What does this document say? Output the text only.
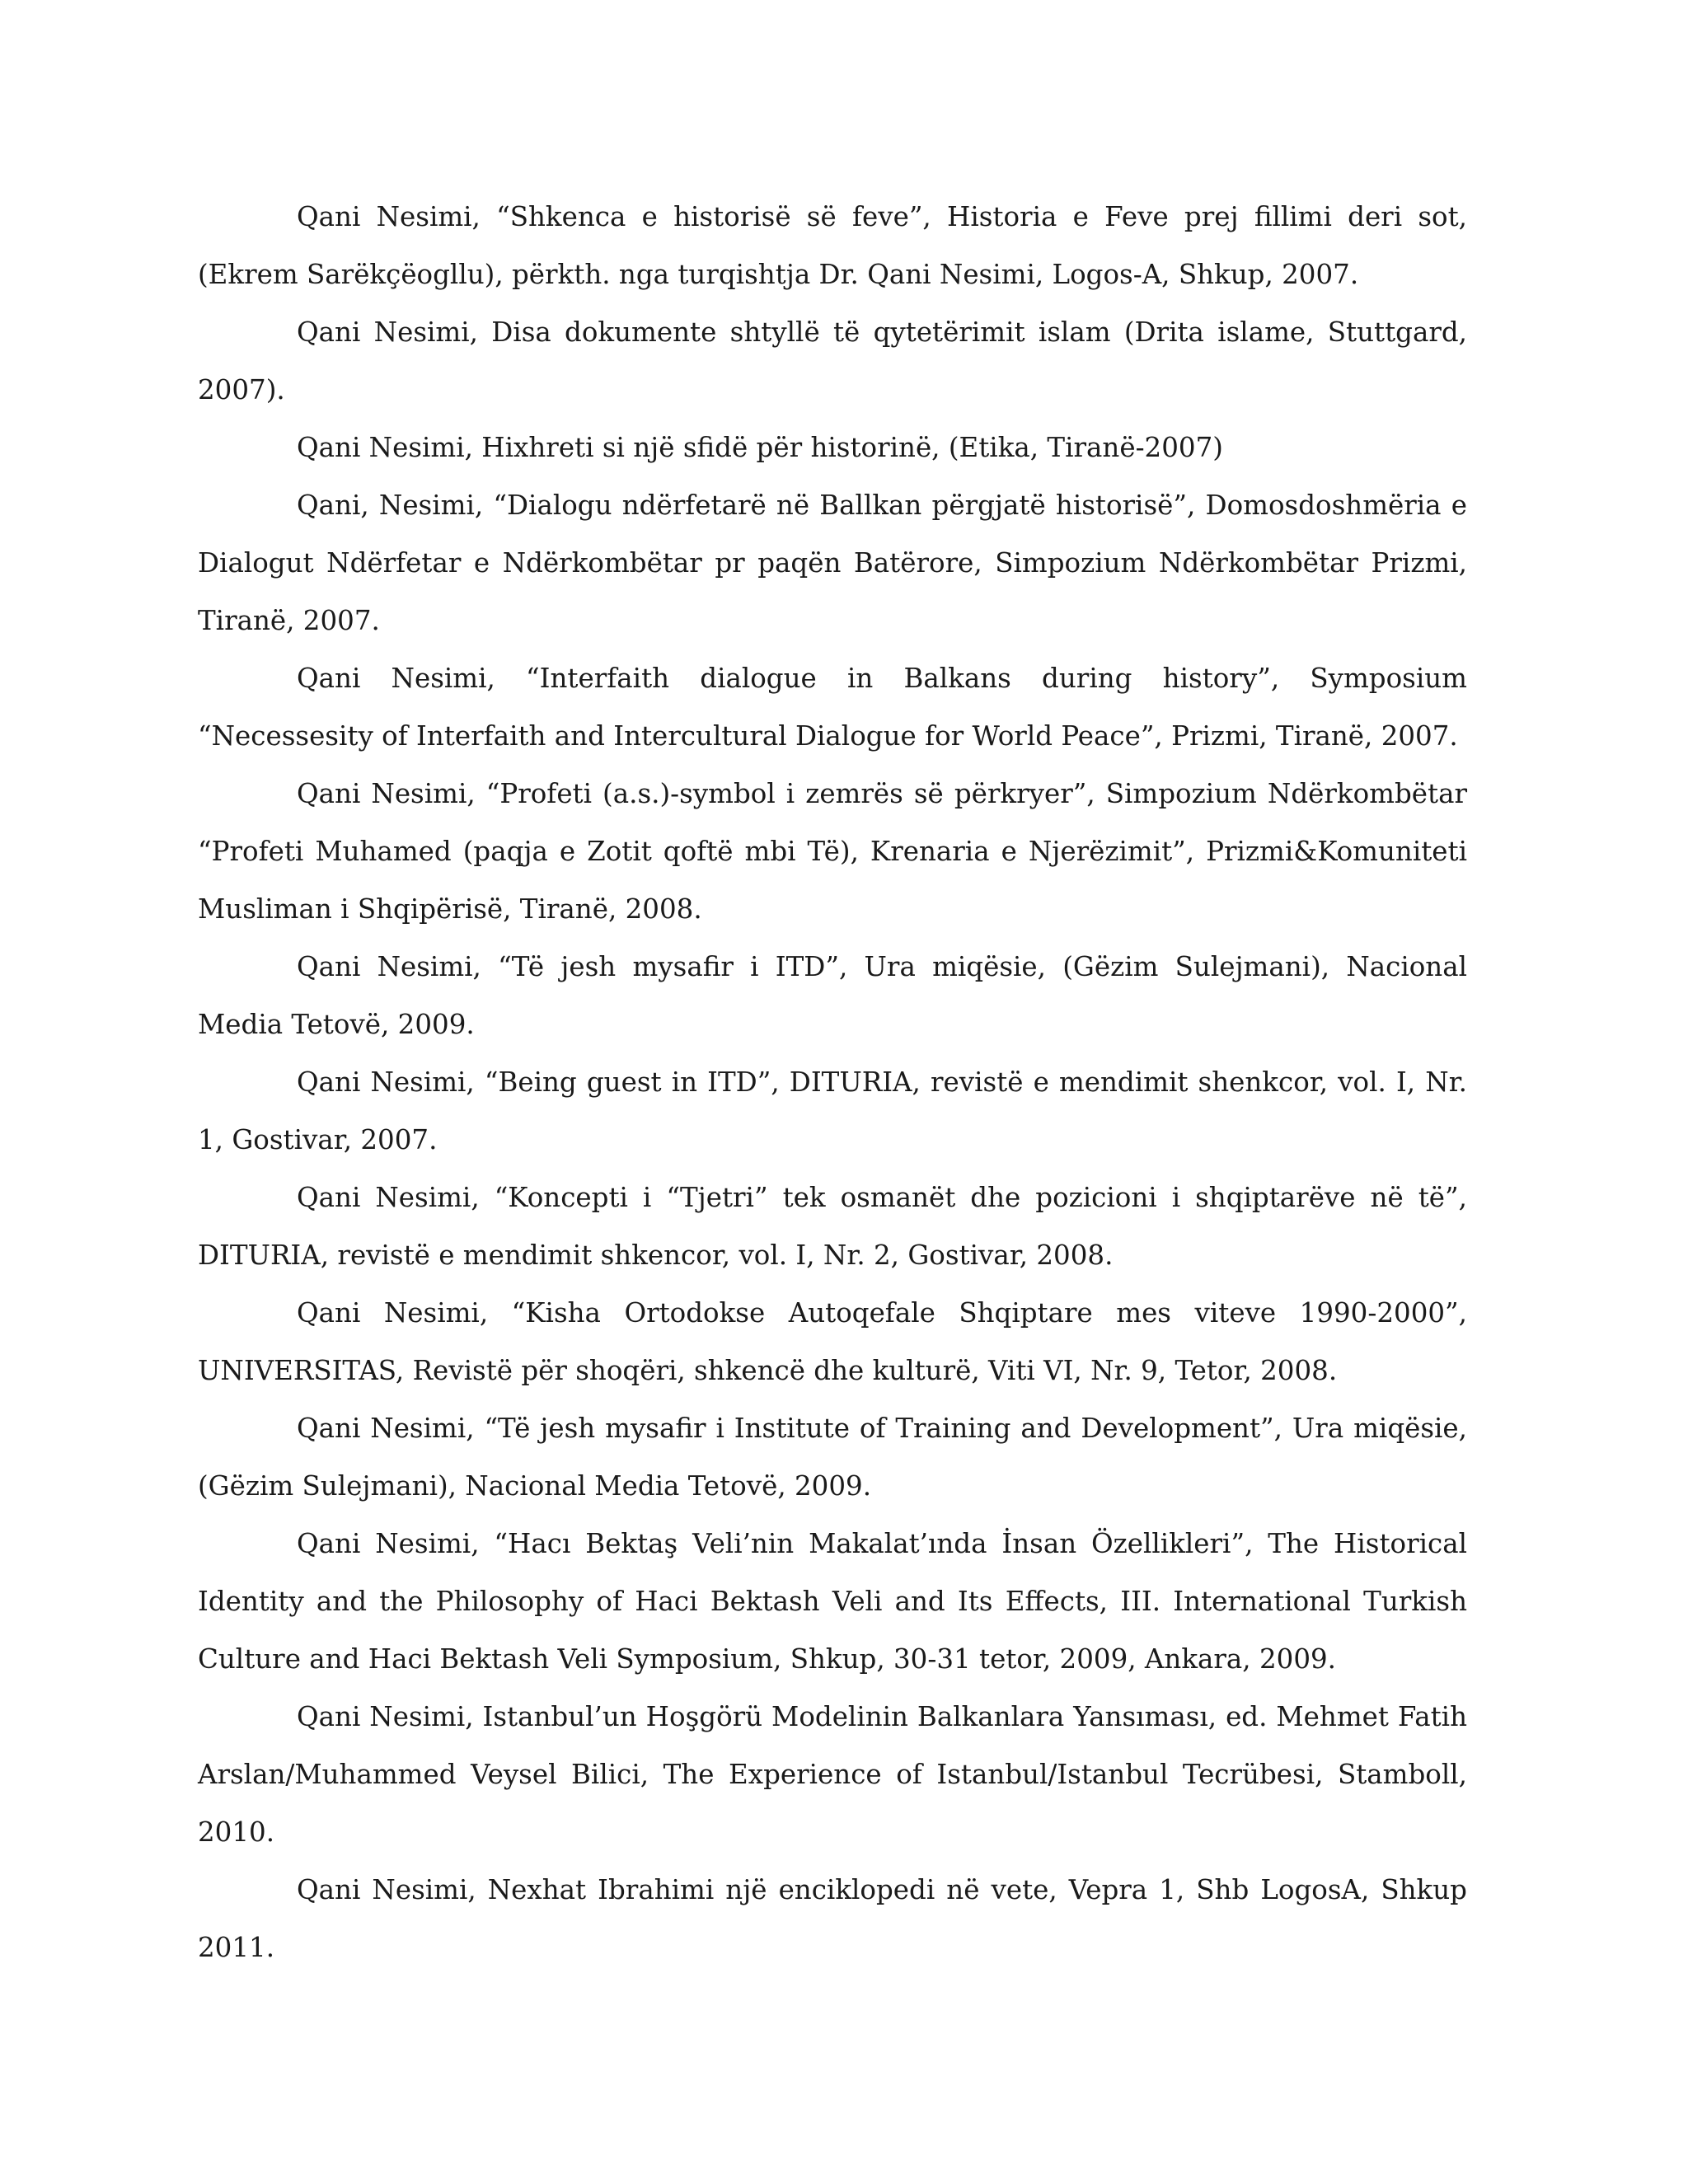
Qani Nesimi, “Shkenca e historisë së feve”, Historia e Feve prej fillimi deri sot, (Ekrem Sarëkçëogllu), përkth. nga turqishtja Dr. Qani Nesimi, Logos-A, Shkup, 2007.

Qani Nesimi, Disa dokumente shtyllë të qytetërimit islam (Drita islame, Stuttgard, 2007).

Qani Nesimi, Hixhreti si një sfidë për historinë, (Etika, Tiranë-2007)

Qani, Nesimi, “Dialogu ndërfetarë në Ballkan përgjatë historisë”, Domosdoshmëria e Dialogut Ndërfetar e Ndërkombëtar pr paqën Batërore, Simpozium Ndërkombëtar Prizmi, Tiranë, 2007.

Qani Nesimi, “Interfaith dialogue in Balkans during history”, Symposium “Necessesity of Interfaith and Intercultural Dialogue for World Peace”, Prizmi, Tiranë, 2007.

Qani Nesimi, “Profeti (a.s.)-symbol i zemrës së përkryer”, Simpozium Ndërkombëtar “Profeti Muhamed (paqja e Zotit qoftë mbi Të), Krenaria e Njerëzimit”, Prizmi&Komuniteti Musliman i Shqipërisë, Tiranë, 2008.

Qani Nesimi, “Të jesh mysafir i ITD”, Ura miqësie, (Gëzim Sulejmani), Nacional Media Tetovë, 2009.

Qani Nesimi, “Being guest in ITD”, DITURIA, revistë e mendimit shenkcor, vol. I, Nr. 1, Gostivar, 2007.

Qani Nesimi, “Koncepti i “Tjetri” tek osmanët dhe pozicioni i shqiptarëve në të”, DITURIA, revistë e mendimit shkencor, vol. I, Nr. 2, Gostivar, 2008.

Qani Nesimi, “Kisha Ortodokse Autoqefale Shqiptare mes viteve 1990-2000”, UNIVERSITAS, Revistë për shoqëri, shkencë dhe kulturë, Viti VI, Nr. 9, Tetor, 2008.

Qani Nesimi, “Të jesh mysafir i Institute of Training and Development”, Ura miqësie, (Gëzim Sulejmani), Nacional Media Tetovë, 2009.

Qani Nesimi, “Hacı Bektaş Veli’nin Makalat’ında İnsan Özellikleri”, The Historical Identity and the Philosophy of Haci Bektash Veli and Its Effects, III. International Turkish Culture and Haci Bektash Veli Symposium, Shkup, 30-31 tetor, 2009, Ankara, 2009.

Qani Nesimi, Istanbul’un Hoşgörü Modelinin Balkanlara Yansıması, ed. Mehmet Fatih Arslan/Muhammed Veysel Bilici, The Experience of Istanbul/Istanbul Tecrübesi, Stamboll, 2010.

Qani Nesimi, Nexhat Ibrahimi një enciklopedi në vete, Vepra 1, Shb LogosA, Shkup 2011.
